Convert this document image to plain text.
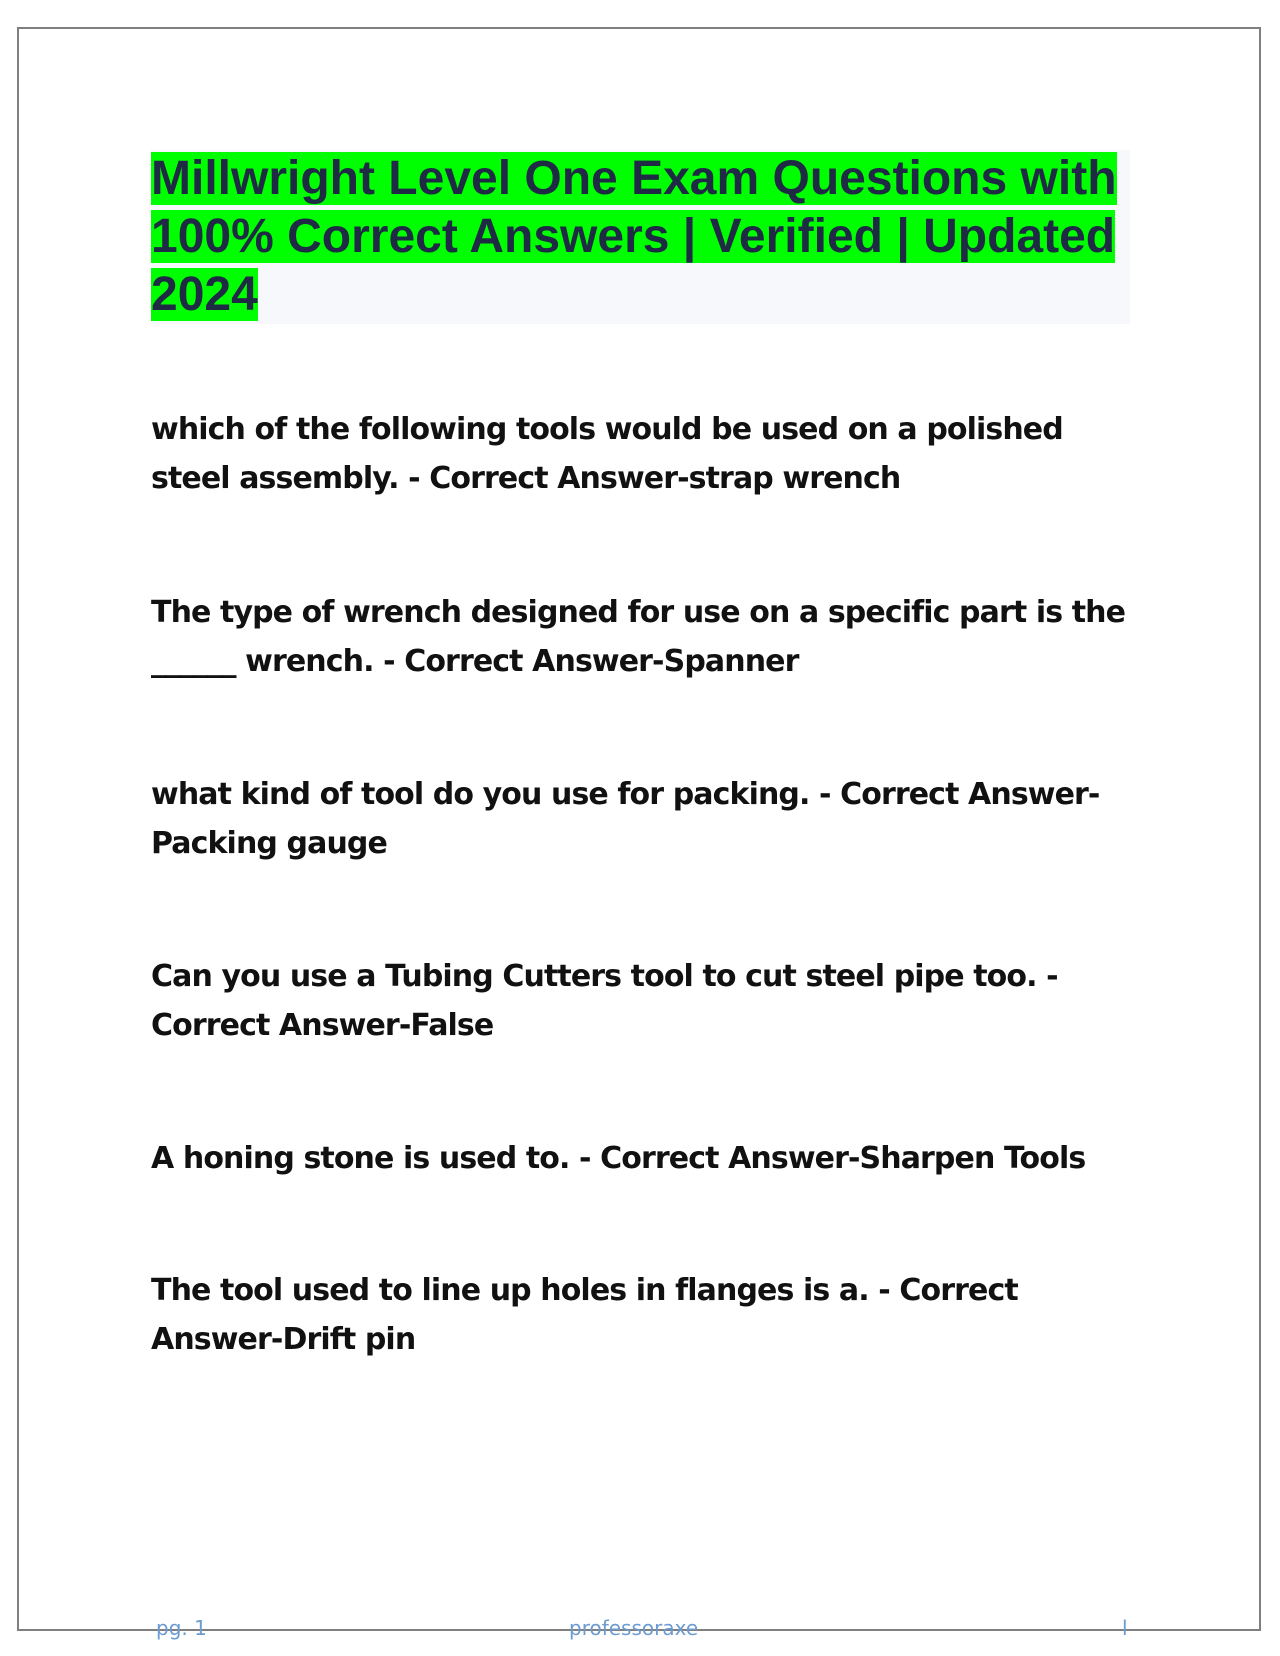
Millwright Level One Exam Questions with 100% Correct Answers | Verified | Updated 2024

which of the following tools would be used on a polished steel assembly. - Correct Answer-strap wrench

The type of wrench designed for use on a specific part is the ______ wrench. - Correct Answer-Spanner

what kind of tool do you use for packing. - Correct Answer-Packing gauge

Can you use a Tubing Cutters tool to cut steel pipe too. - Correct Answer-False

A honing stone is used to. - Correct Answer-Sharpen Tools

The tool used to line up holes in flanges is a. - Correct Answer-Drift pin

pg. 1	professoraxe	l
